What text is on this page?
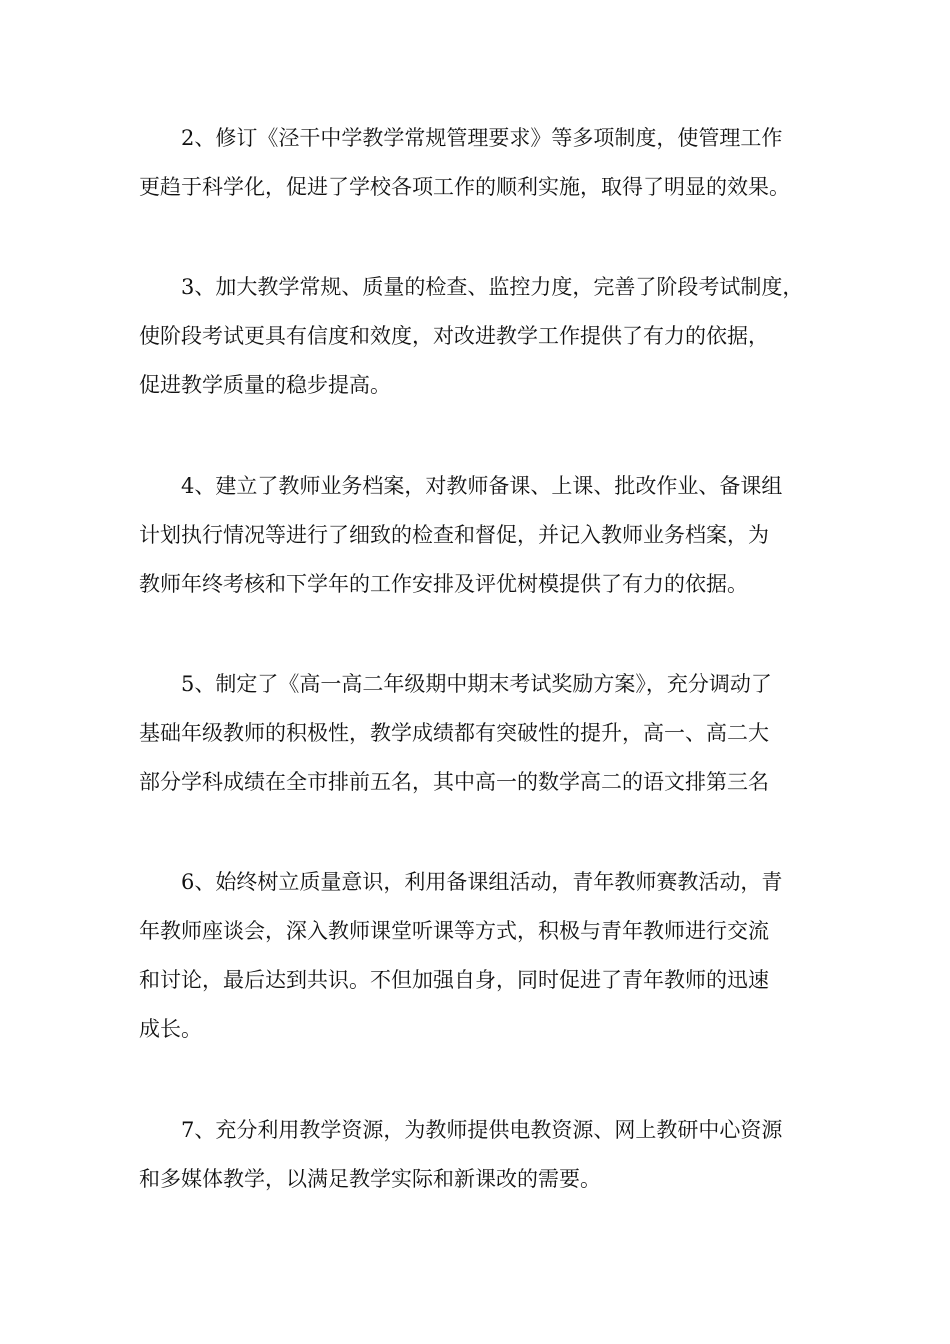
2、修订《泾干中学教学常规管理要求》等多项制度，使管理工作
更趋于科学化，促进了学校各项工作的顺利实施，取得了明显的效果。
3、加大教学常规、质量的检查、监控力度，完善了阶段考试制度，
使阶段考试更具有信度和效度，对改进教学工作提供了有力的依据，
促进教学质量的稳步提高。
4、建立了教师业务档案，对教师备课、上课、批改作业、备课组
计划执行情况等进行了细致的检查和督促，并记入教师业务档案，为
教师年终考核和下学年的工作安排及评优树模提供了有力的依据。
5、制定了《高一高二年级期中期末考试奖励方案》，充分调动了
基础年级教师的积极性，教学成绩都有突破性的提升，高一、高二大
部分学科成绩在全市排前五名，其中高一的数学高二的语文排第三名
6、始终树立质量意识，利用备课组活动，青年教师赛教活动，青
年教师座谈会，深入教师课堂听课等方式，积极与青年教师进行交流
和讨论，最后达到共识。不但加强自身，同时促进了青年教师的迅速
成长。
7、充分利用教学资源，为教师提供电教资源、网上教研中心资源
和多媒体教学，以满足教学实际和新课改的需要。
